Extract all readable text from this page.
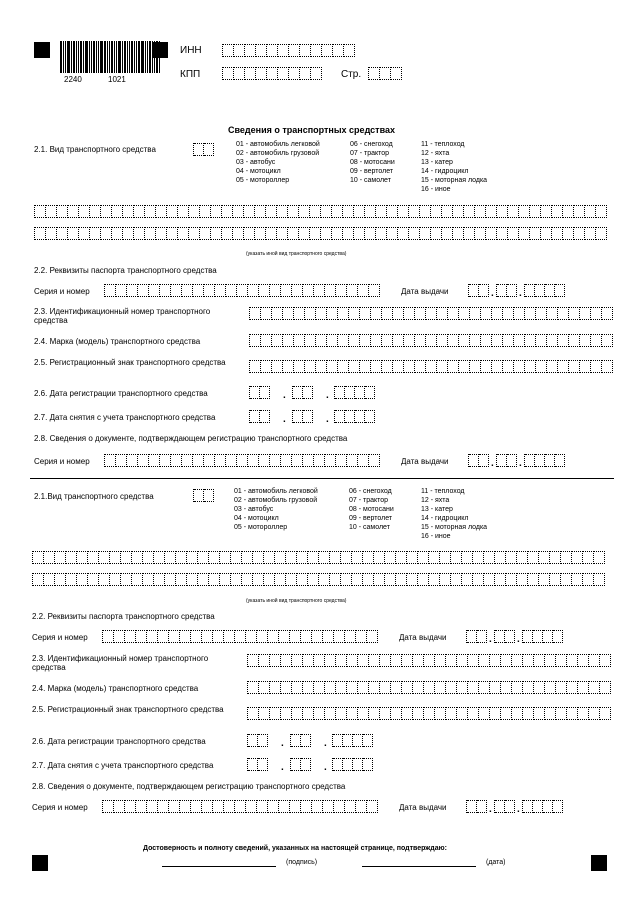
2240	1021
ИНН
КПП	Стр.
Сведения о транспортных средствах
2.1. Вид транспортного средства
01 - автомобиль легковой
02 - автомобиль грузовой
03 - автобус
04 - мотоцикл
05 - мотороллер
06 - снегоход
07 - трактор
08 - мотосани
09 - вертолет
10 - самолет
11 - теплоход
12 - яхта
13 - катер
14 - гидроцикл
15 - моторная лодка
16 - иное
(указать иной вид транспортного средства)
2.2. Реквизиты паспорта транспортного средства
Серия и номер	Дата выдачи	.	.
2.3. Идентификационный номер транспортного средства
2.4. Марка (модель) транспортного средства
2.5. Регистрационный знак транспортного средства
2.6. Дата регистрации транспортного средства	.	.
2.7. Дата снятия с учета транспортного средства	.	.
2.8. Сведения о документе, подтверждающем регистрацию транспортного средства
Серия и номер	Дата выдачи	.	.
2.1.Вид транспортного средства
01 - автомобиль легковой
02 - автомобиль грузовой
03 - автобус
04 - мотоцикл
05 - мотороллер
06 - снегоход
07 - трактор
08 - мотосани
09 - вертолет
10 - самолет
11 - теплоход
12 - яхта
13 - катер
14 - гидроцикл
15 - моторная лодка
16 - иное
(указать иной вид транспортного средства)
2.2. Реквизиты паспорта транспортного средства
Серия и номер	Дата выдачи	.	.
2.3. Идентификационный номер транспортного средства
2.4. Марка (модель) транспортного средства
2.5. Регистрационный знак транспортного средства
2.6. Дата регистрации транспортного средства	.	.
2.7. Дата снятия с учета транспортного средства	.	.
2.8. Сведения о документе, подтверждающем регистрацию транспортного средства
Серия и номер	Дата выдачи	.	.
Достоверность и полноту сведений, указанных на настоящей странице, подтверждаю:
(подпись)	(дата)
